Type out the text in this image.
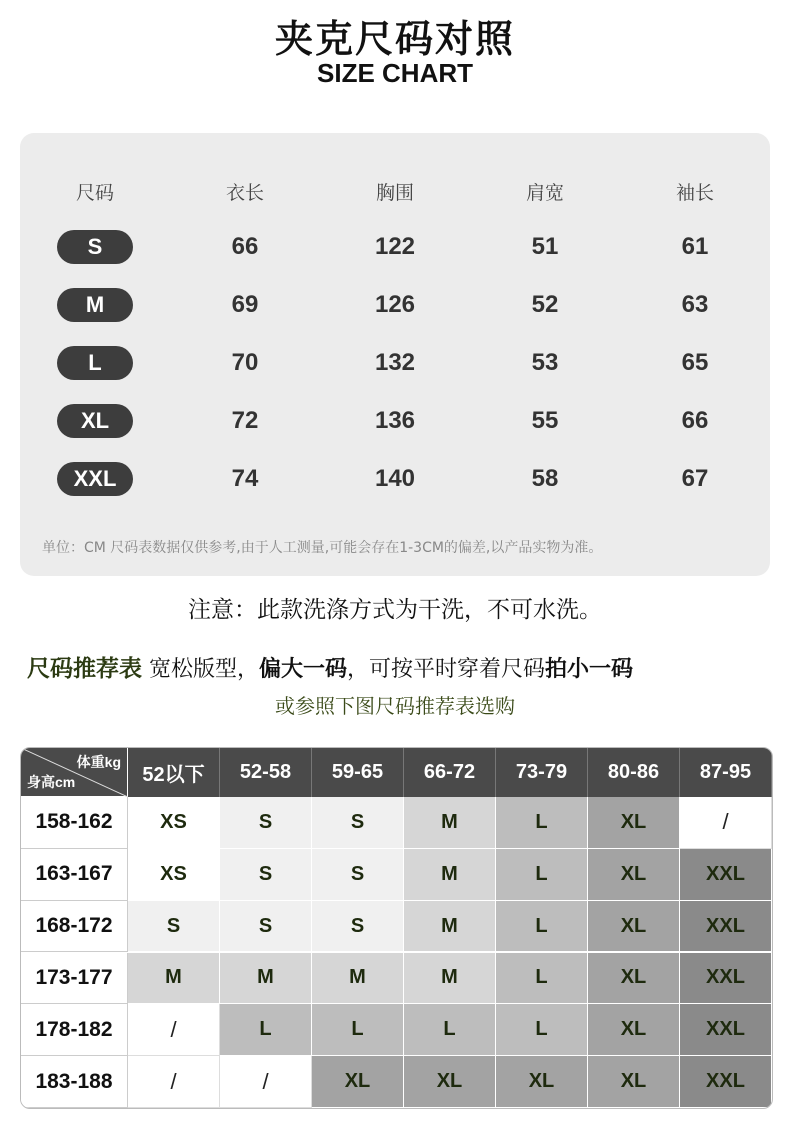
夹克尺码对照
SIZE CHART
尺码	衣长	胸围	肩宽	袖长
S	66	122	51	61
M	69	126	52	63
L	70	132	53	65
XL	72	136	55	66
XXL	74	140	58	67
单位：CM 尺码表数据仅供参考,由于人工测量,可能会存在1-3CM的偏差,以产品实物为准。
注意：此款洗涤方式为干洗，不可水洗。
尺码推荐表 宽松版型，偏大一码，可按平时穿着尺码拍小一码
或参照下图尺码推荐表选购
体重kg
身高cm	52以下	52-58	59-65	66-72	73-79	80-86	87-95
158-162	XS	S	S	M	L	XL	/
163-167	XS	S	S	M	L	XL	XXL
168-172	S	S	S	M	L	XL	XXL
173-177	M	M	M	M	L	XL	XXL
178-182	/	L	L	L	L	XL	XXL
183-188	/	/	XL	XL	XL	XL	XXL
